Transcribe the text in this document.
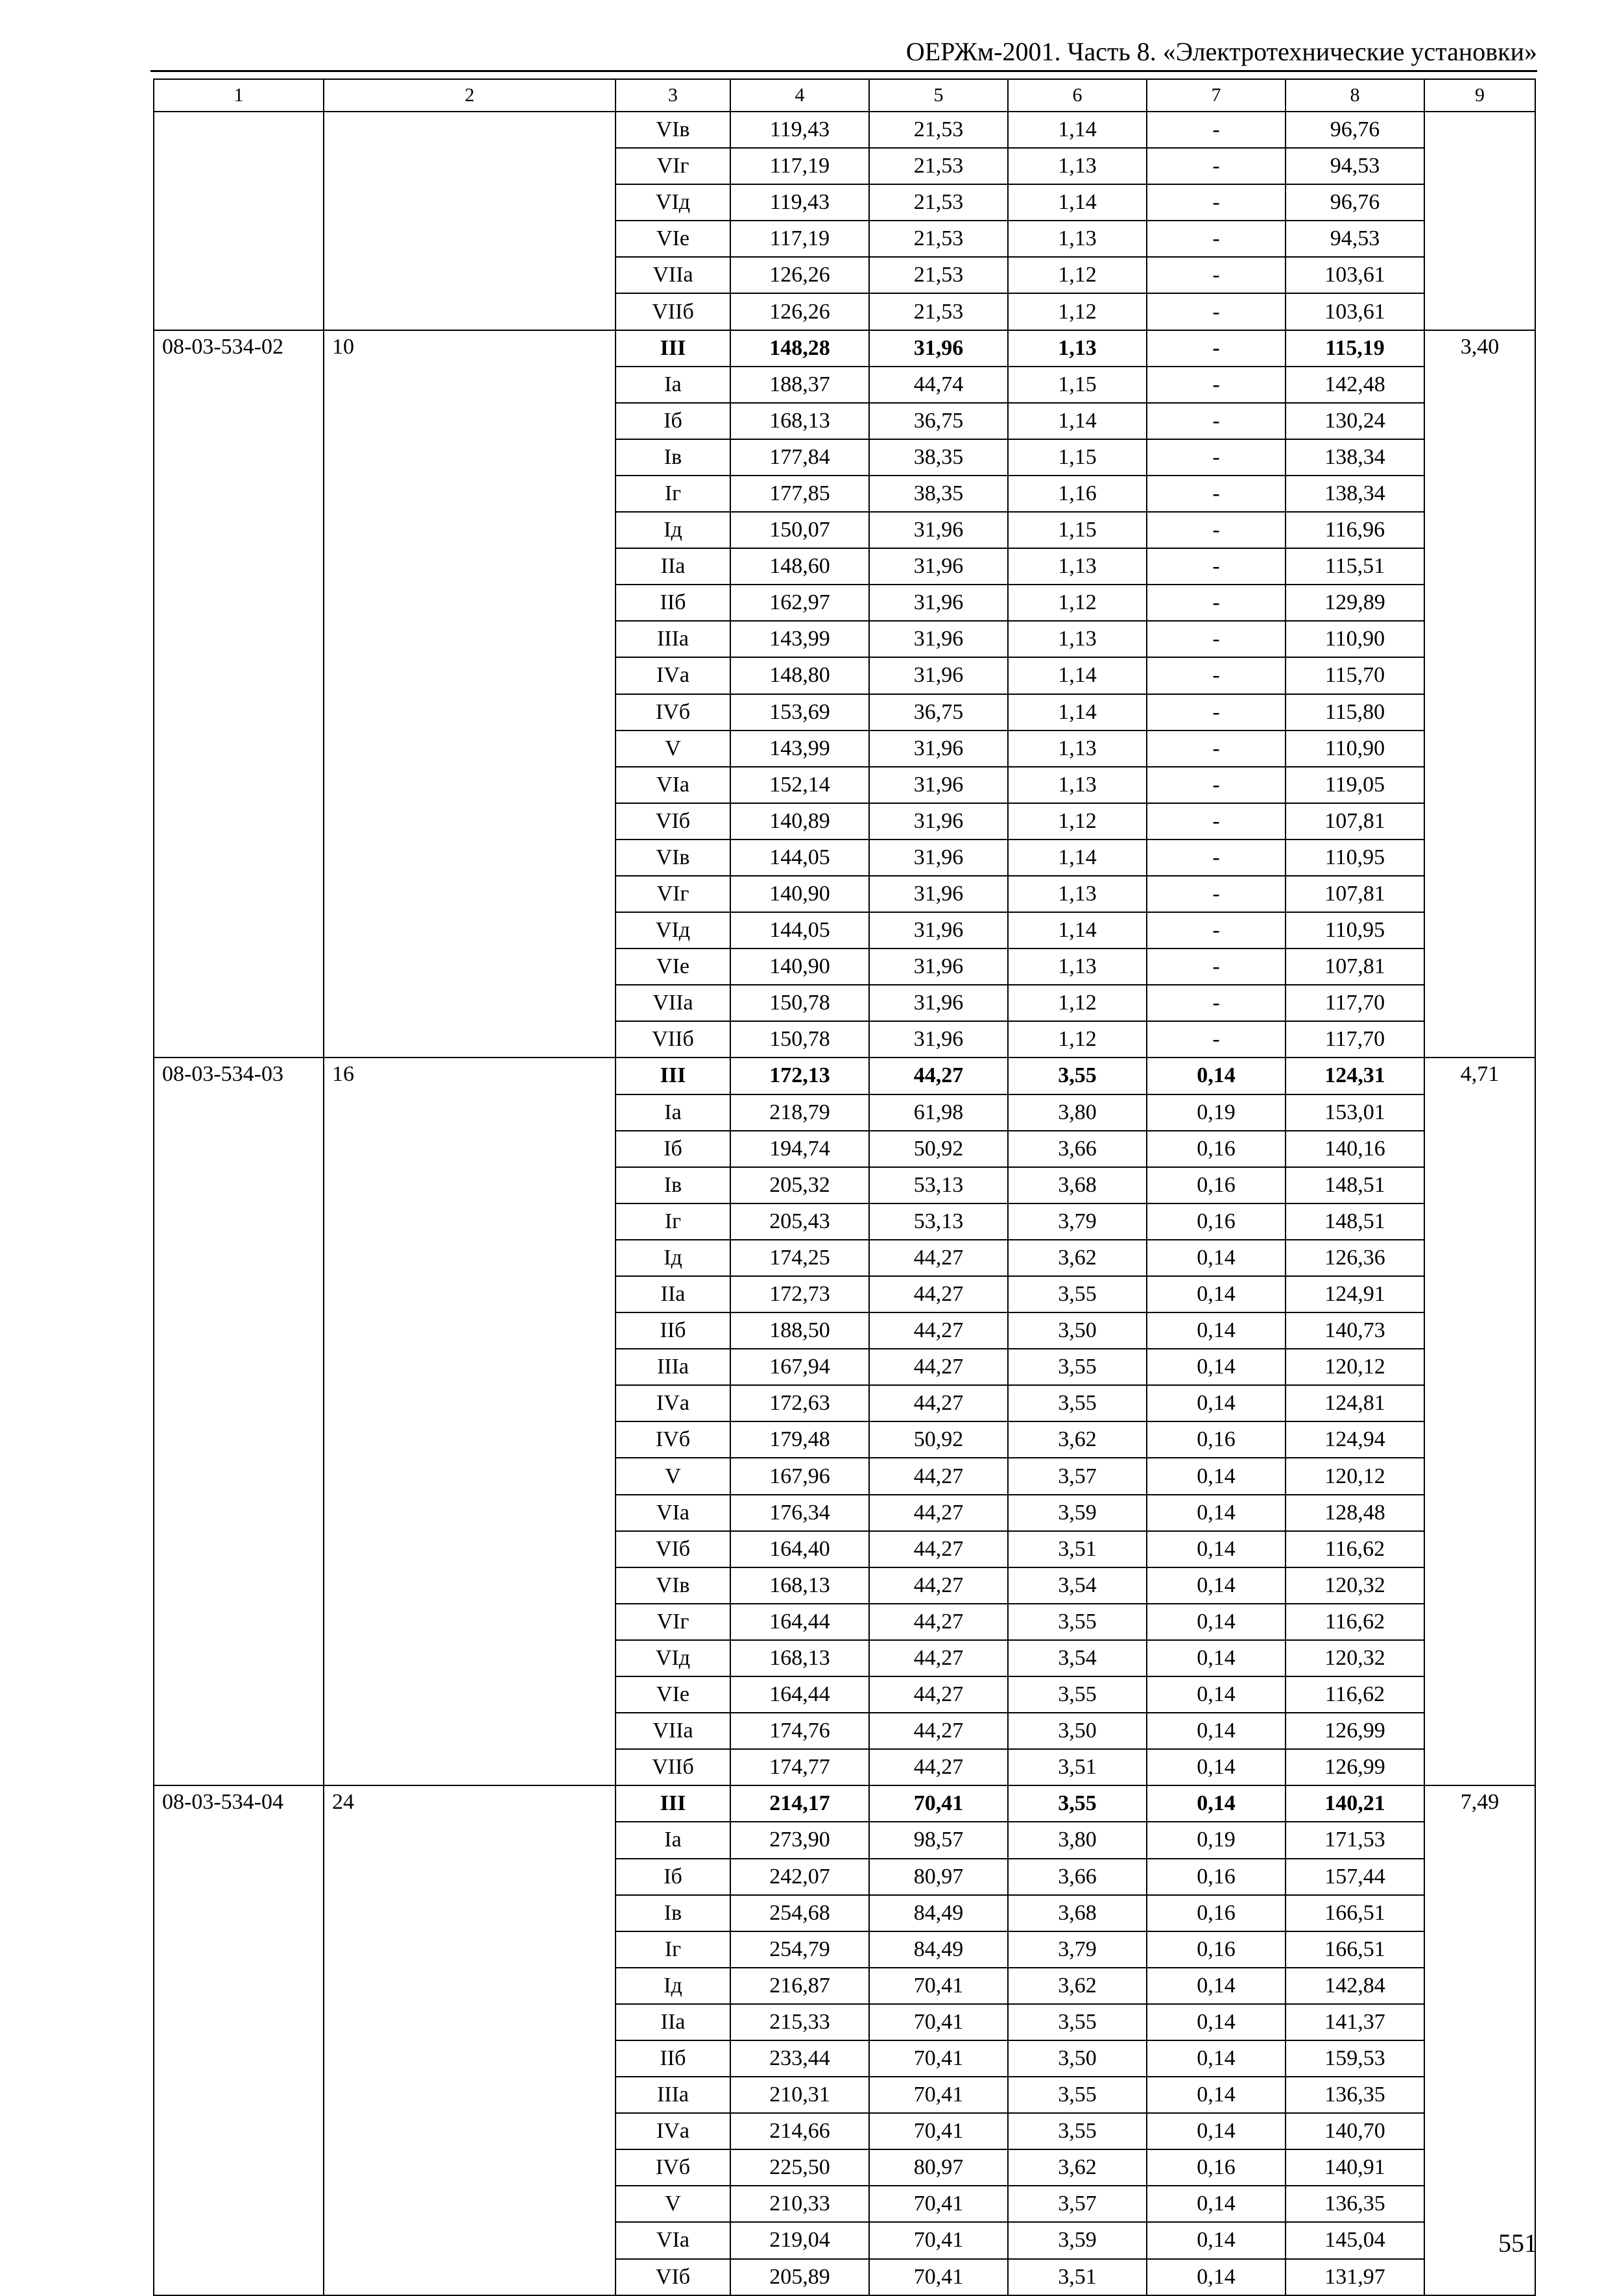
ОЕРЖм-2001. Часть 8. «Электротехнические установки»
1	2	3	4	5	6	7	8	9
		VIв	119,43	21,53	1,14	-	96,76	
		VIг	117,19	21,53	1,13	-	94,53	
		VIд	119,43	21,53	1,14	-	96,76	
		VIе	117,19	21,53	1,13	-	94,53	
		VIIа	126,26	21,53	1,12	-	103,61	
		VIIб	126,26	21,53	1,12	-	103,61	
08-03-534-02	10	III	148,28	31,96	1,13	-	115,19	3,40
		Iа	188,37	44,74	1,15	-	142,48	
		Iб	168,13	36,75	1,14	-	130,24	
		Iв	177,84	38,35	1,15	-	138,34	
		Iг	177,85	38,35	1,16	-	138,34	
		Iд	150,07	31,96	1,15	-	116,96	
		IIа	148,60	31,96	1,13	-	115,51	
		IIб	162,97	31,96	1,12	-	129,89	
		IIIа	143,99	31,96	1,13	-	110,90	
		IVа	148,80	31,96	1,14	-	115,70	
		IVб	153,69	36,75	1,14	-	115,80	
		V	143,99	31,96	1,13	-	110,90	
		VIа	152,14	31,96	1,13	-	119,05	
		VIб	140,89	31,96	1,12	-	107,81	
		VIв	144,05	31,96	1,14	-	110,95	
		VIг	140,90	31,96	1,13	-	107,81	
		VIд	144,05	31,96	1,14	-	110,95	
		VIе	140,90	31,96	1,13	-	107,81	
		VIIа	150,78	31,96	1,12	-	117,70	
		VIIб	150,78	31,96	1,12	-	117,70	
08-03-534-03	16	III	172,13	44,27	3,55	0,14	124,31	4,71
		Iа	218,79	61,98	3,80	0,19	153,01	
		Iб	194,74	50,92	3,66	0,16	140,16	
		Iв	205,32	53,13	3,68	0,16	148,51	
		Iг	205,43	53,13	3,79	0,16	148,51	
		Iд	174,25	44,27	3,62	0,14	126,36	
		IIа	172,73	44,27	3,55	0,14	124,91	
		IIб	188,50	44,27	3,50	0,14	140,73	
		IIIа	167,94	44,27	3,55	0,14	120,12	
		IVа	172,63	44,27	3,55	0,14	124,81	
		IVб	179,48	50,92	3,62	0,16	124,94	
		V	167,96	44,27	3,57	0,14	120,12	
		VIа	176,34	44,27	3,59	0,14	128,48	
		VIб	164,40	44,27	3,51	0,14	116,62	
		VIв	168,13	44,27	3,54	0,14	120,32	
		VIг	164,44	44,27	3,55	0,14	116,62	
		VIд	168,13	44,27	3,54	0,14	120,32	
		VIе	164,44	44,27	3,55	0,14	116,62	
		VIIа	174,76	44,27	3,50	0,14	126,99	
		VIIб	174,77	44,27	3,51	0,14	126,99	
08-03-534-04	24	III	214,17	70,41	3,55	0,14	140,21	7,49
		Iа	273,90	98,57	3,80	0,19	171,53	
		Iб	242,07	80,97	3,66	0,16	157,44	
		Iв	254,68	84,49	3,68	0,16	166,51	
		Iг	254,79	84,49	3,79	0,16	166,51	
		Iд	216,87	70,41	3,62	0,14	142,84	
		IIа	215,33	70,41	3,55	0,14	141,37	
		IIб	233,44	70,41	3,50	0,14	159,53	
		IIIа	210,31	70,41	3,55	0,14	136,35	
		IVа	214,66	70,41	3,55	0,14	140,70	
		IVб	225,50	80,97	3,62	0,16	140,91	
		V	210,33	70,41	3,57	0,14	136,35	
		VIа	219,04	70,41	3,59	0,14	145,04	
		VIб	205,89	70,41	3,51	0,14	131,97	
551
